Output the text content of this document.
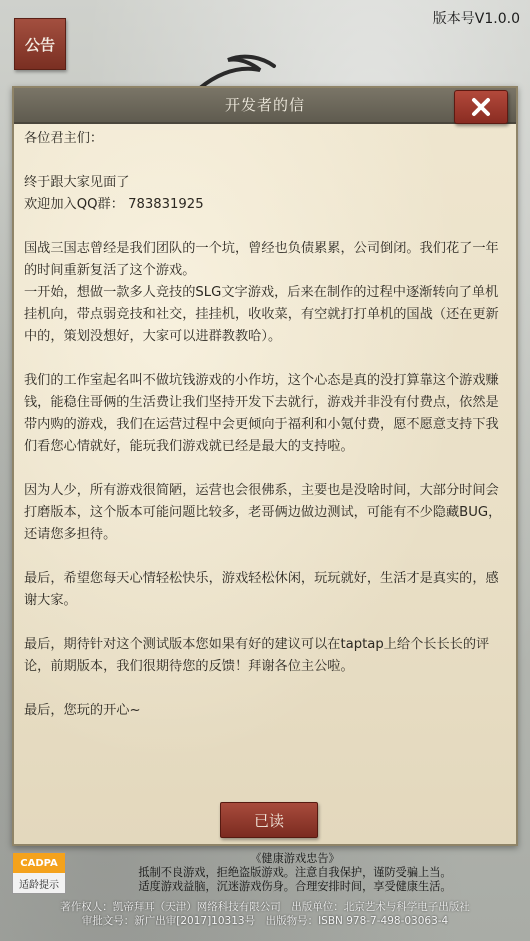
版本号V1.0.0
公告
开发者的信

各位君主们：

终于跟大家见面了

欢迎加入QQ群： 783831925

国战三国志曾经是我们团队的一个坑，曾经也负债累累，公司倒闭。我们花了一年的时间重新复活了这个游戏。

一开始，想做一款多人竞技的SLG文字游戏，后来在制作的过程中逐渐转向了单机挂机向，带点弱竞技和社交，挂挂机，收收菜，有空就打打单机的国战（还在更新中的，策划没想好，大家可以进群教教哈）。

我们的工作室起名叫不做坑钱游戏的小作坊，这个心态是真的没打算靠这个游戏赚钱，能稳住哥俩的生活费让我们坚持开发下去就行，游戏并非没有付费点，依然是带内购的游戏，我们在运营过程中会更倾向于福利和小氪付费，愿不愿意支持下我们看您心情就好，能玩我们游戏就已经是最大的支持啦。

因为人少，所有游戏很简陋，运营也会很佛系，主要也是没啥时间，大部分时间会打磨版本，这个版本可能问题比较多，老哥俩边做边测试，可能有不少隐藏BUG，还请您多担待。

最后，希望您每天心情轻松快乐，游戏轻松休闲，玩玩就好，生活才是真实的，感谢大家。

最后，期待针对这个测试版本您如果有好的建议可以在taptap上给个长长长的评论，前期版本，我们很期待您的反馈！拜谢各位主公啦。

最后，您玩的开心~

已读
CADPA
适龄提示
《健康游戏忠告》
抵制不良游戏，拒绝盗版游戏。注意自我保护，谨防受骗上当。
适度游戏益脑，沉迷游戏伤身。合理安排时间，享受健康生活。
著作权人：凯帝拜耳（天津）网络科技有限公司　出版单位：北京艺术与科学电子出版社
审批文号：新广出审[2017]10313号　出版物号：ISBN 978-7-498-03063-4
